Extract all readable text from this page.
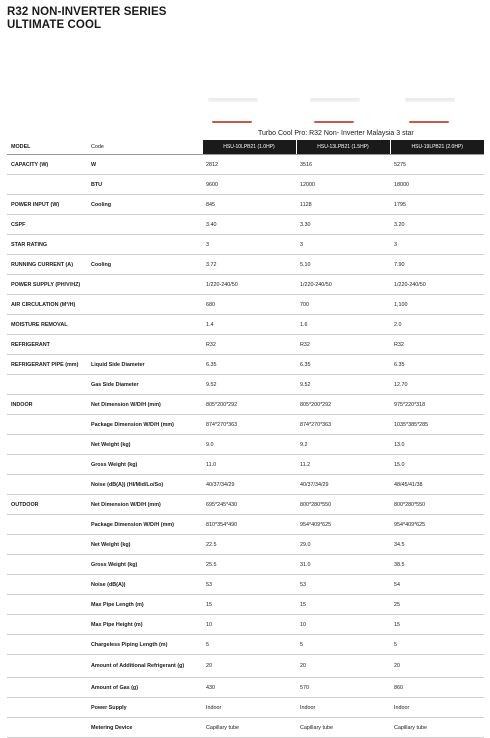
R32 NON-INVERTER SERIES
ULTIMATE COOL
Turbo Cool Pro: R32 Non- Inverter Malaysia 3 star
MODEL	Code	HSU-10LPB21 (1.0HP)	HSU-13LPB21 (1.5HP)	HSU-19LPB21 (2.0HP)
CAPACITY (W)	W	2812	3516	5275
	BTU	9600	12000	18000
POWER INPUT (W)	Cooling	845	1128	1795
CSPF		3.40	3.30	3.20
STAR RATING		3	3	3
RUNNING CURRENT (A)	Cooling	3.72	5.10	7.90
POWER SUPPLY (PH/V/HZ)		1/220-240/50	1/220-240/50	1/220-240/50
AIR CIRCULATION (M³/H)		680	700	1,100
MOISTURE REMOVAL		1.4	1.6	2.0
REFRIGERANT		R32	R32	R32
REFRIGERANT PIPE (mm)	Liquid Side Diameter	6.35	6.35	6.35
	Gas Side Diameter	9.52	9.52	12.70
INDOOR	Net Dimension W/D/H (mm)	805*200*292	805*200*292	975*220*318
	Package Dimension W/D/H (mm)	874*270*363	874*270*363	1035*385*285
	Net Weight (kg)	9.0	9.2	13.0
	Gross Weight (kg)	11.0	11.2	15.0
	Noise (dB(A)) (HI/Mid/Lo/So)	40/37/34/29	40/37/34/29	48/45/41/38
OUTDOOR	Net Dimension W/D/H (mm)	695*245*430	800*280*550	800*280*550
	Package Dimension W/D/H (mm)	810*354*490	954*409*625	954*409*625
	Net Weight (kg)	22.5	29.0	34.5
	Gross Weight (kg)	25.5	31.0	38.5
	Noise (dB(A))	53	53	54
	Max Pipe Length (m)	15	15	25
	Max Pipe Height (m)	10	10	15
	Chargeless Piping Length (m)	5	5	5
	Amount of Additional Refrigerant (g)	20	20	20
	Amount of Gas (g)	430	570	860
	Power Supply	Indoor	Indoor	Indoor
	Metering Device	Capillary tube	Capillary tube	Capillary tube
